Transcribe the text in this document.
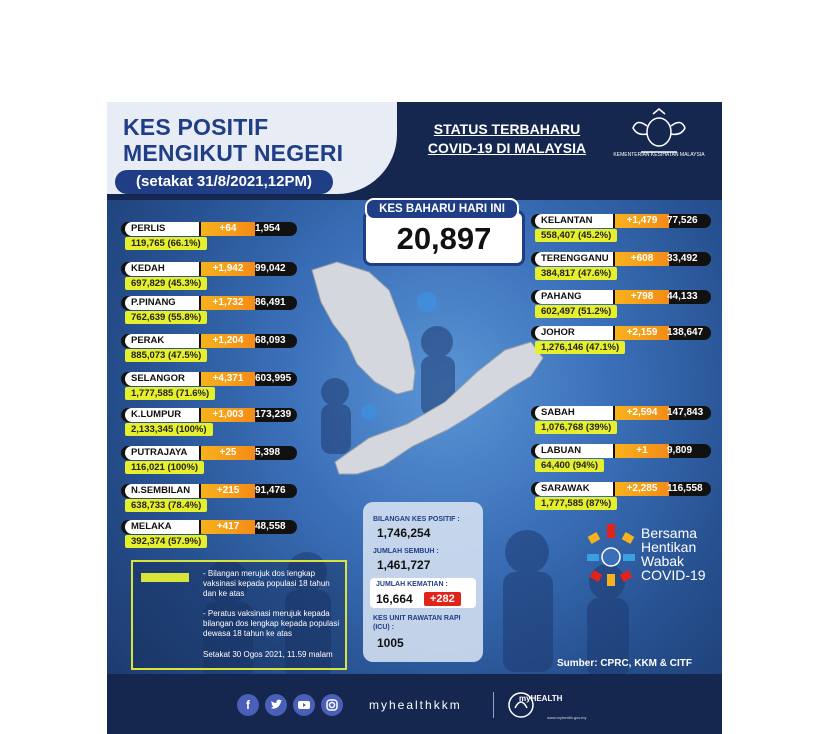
KES POSITIF
MENGIKUT NEGERI
(setakat 31/8/2021,12PM)
STATUS TERBAHARU
COVID-19 DI MALAYSIA	KEMENTERIAN KESIHATAN MALAYSIA
KES BAHARU HARI INI
20,897
PERLIS	+64	1,954
119,765 (66.1%)
KEDAH	+1,942	99,042
697,829 (45.3%)
P.PINANG	+1,732	86,491
762,639 (55.8%)
PERAK	+1,204	68,093
885,073 (47.5%)
SELANGOR	+4,371	603,995
1,777,585 (71.6%)
K.LUMPUR	+1,003	173,239
2,133,345 (100%)
PUTRAJAYA	+25	5,398
116,021 (100%)
N.SEMBILAN	+215	91,476
638,733 (78.4%)
MELAKA	+417	48,558
392,374 (57.9%)
KELANTAN	+1,479 77,526
558,407 (45.2%)
TERENGGANU	+608	33,492
384,817 (47.6%)
PAHANG	+798	44,133
602,497 (51.2%)
JOHOR	+2,159 138,647
1,276,146 (47.1%)
SABAH	+2,594 147,843
1,076,768 (39%)
LABUAN	+1	9,809
64,400 (94%)
SARAWAK	+2,285 116,558
1,777,585 (87%)
- Bilangan merujuk dos lengkap vaksinasi kepada populasi 18 tahun dan ke atas
- Peratus vaksinasi merujuk kepada bilangan dos lengkap kepada populasi dewasa 18 tahun ke atas
Setakat 30 Ogos 2021, 11.59 malam
BILANGAN KES POSITIF :
1,746,254
JUMLAH SEMBUH :
1,461,727
JUMLAH KEMATIAN :
16,664	+282
KES UNIT RAWATAN RAPI (ICU) :
1005
Bersama
Hentikan
Wabak
COVID-19
Sumber: CPRC, KKM & CITF
f	myhealthkkm	myHEALTH
www.myhealth.gov.my
